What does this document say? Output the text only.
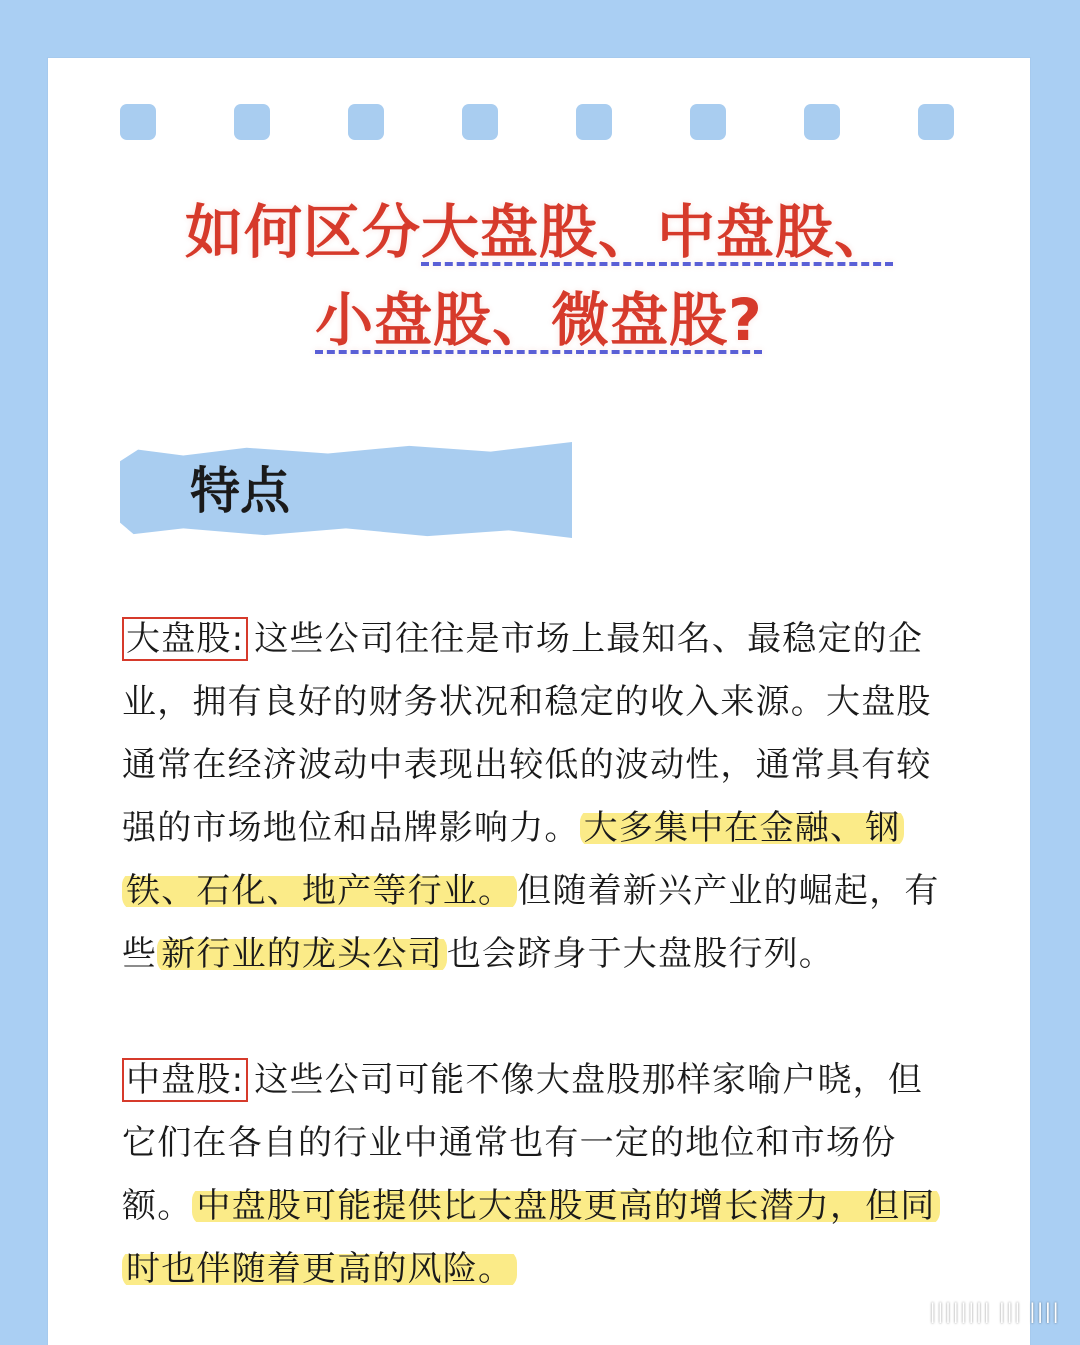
如何区分大盘股、中盘股、
小盘股、微盘股?
特点

大盘股: 这些公司往往是市场上最知名、最稳定的企业，拥有良好的财务状况和稳定的收入来源。大盘股通常在经济波动中表现出较低的波动性，通常具有较强的市场地位和品牌影响力。 大多集中在金融、钢铁、石化、地产等行业。 但随着新兴产业的崛起，有些 新行业的龙头公司 也会跻身于大盘股行列。

中盘股: 这些公司可能不像大盘股那样家喻户晓，但它们在各自的行业中通常也有一定的地位和市场份额。 中盘股可能提供比大盘股更高的增长潜力，但同时也伴随着更高的风险。

|||||||| ||| ||||
